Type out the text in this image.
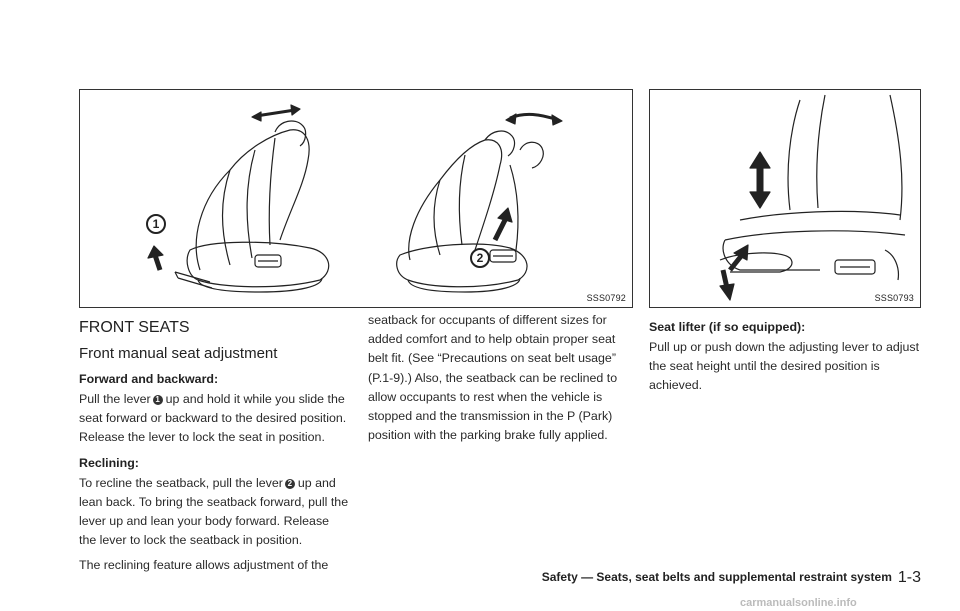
1
2
SSS0792	SSS0793
FRONT SEATS
Front manual seat adjustment
Forward and backward:

Pull the lever 1 up and hold it while you slide the seat forward or backward to the desired position. Release the lever to lock the seat in position.

Reclining:

To recline the seatback, pull the lever 2 up and lean back. To bring the seatback forward, pull the lever up and lean your body forward. Release the lever to lock the seatback in position.

The reclining feature allows adjustment of the

seatback for occupants of different sizes for added comfort and to help obtain proper seat belt fit. (See “Precautions on seat belt usage” (P.1-9).) Also, the seatback can be reclined to allow occupants to rest when the vehicle is stopped and the transmission in the P (Park) position with the parking brake fully applied.

Seat lifter (if so equipped):

Pull up or push down the adjusting lever to adjust the seat height until the desired position is achieved.

Safety — Seats, seat belts and supplemental restraint system 1-3
carmanualsonline.info
